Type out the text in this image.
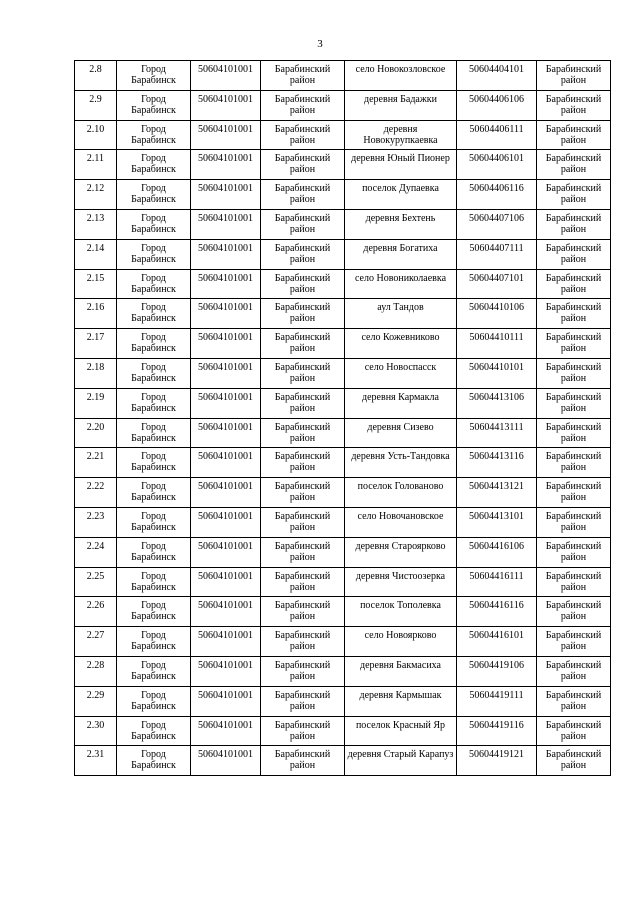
3
2.8	Город Барабинск	50604101001	Барабинский район	село Новокозловское	50604404101	Барабинский район
2.9	Город Барабинск	50604101001	Барабинский район	деревня Бадажки	50604406106	Барабинский район
2.10	Город Барабинск	50604101001	Барабинский район	деревня Новокурупкаевка	50604406111	Барабинский район
2.11	Город Барабинск	50604101001	Барабинский район	деревня Юный Пионер	50604406101	Барабинский район
2.12	Город Барабинск	50604101001	Барабинский район	поселок Дупаевка	50604406116	Барабинский район
2.13	Город Барабинск	50604101001	Барабинский район	деревня Бехтень	50604407106	Барабинский район
2.14	Город Барабинск	50604101001	Барабинский район	деревня Богатиха	50604407111	Барабинский район
2.15	Город Барабинск	50604101001	Барабинский район	село Новониколаевка	50604407101	Барабинский район
2.16	Город Барабинск	50604101001	Барабинский район	аул Тандов	50604410106	Барабинский район
2.17	Город Барабинск	50604101001	Барабинский район	село Кожевниково	50604410111	Барабинский район
2.18	Город Барабинск	50604101001	Барабинский район	село Новоспасск	50604410101	Барабинский район
2.19	Город Барабинск	50604101001	Барабинский район	деревня Кармакла	50604413106	Барабинский район
2.20	Город Барабинск	50604101001	Барабинский район	деревня Сизево	50604413111	Барабинский район
2.21	Город Барабинск	50604101001	Барабинский район	деревня Усть-Тандовка	50604413116	Барабинский район
2.22	Город Барабинск	50604101001	Барабинский район	поселок Голованово	50604413121	Барабинский район
2.23	Город Барабинск	50604101001	Барабинский район	село Новочановское	50604413101	Барабинский район
2.24	Город Барабинск	50604101001	Барабинский район	деревня Староярково	50604416106	Барабинский район
2.25	Город Барабинск	50604101001	Барабинский район	деревня Чистоозерка	50604416111	Барабинский район
2.26	Город Барабинск	50604101001	Барабинский район	поселок Тополевка	50604416116	Барабинский район
2.27	Город Барабинск	50604101001	Барабинский район	село Новоярково	50604416101	Барабинский район
2.28	Город Барабинск	50604101001	Барабинский район	деревня Бакмасиха	50604419106	Барабинский район
2.29	Город Барабинск	50604101001	Барабинский район	деревня Кармышак	50604419111	Барабинский район
2.30	Город Барабинск	50604101001	Барабинский район	поселок Красный Яр	50604419116	Барабинский район
2.31	Город Барабинск	50604101001	Барабинский район	деревня Старый Карапуз	50604419121	Барабинский район
